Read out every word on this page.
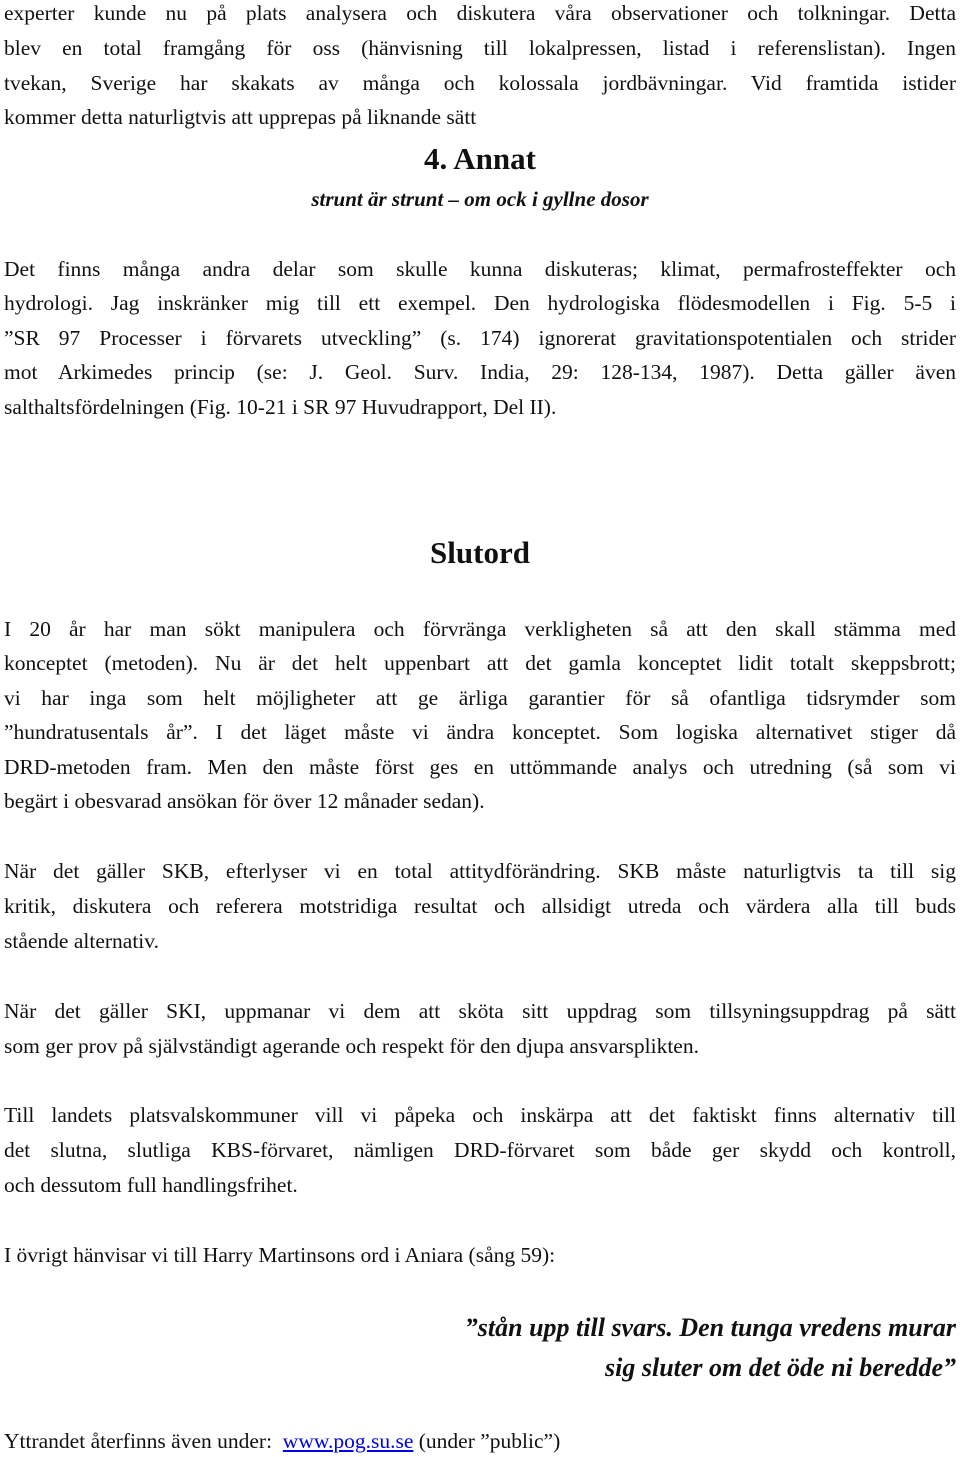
experter kunde nu på plats analysera och diskutera våra observationer och tolkningar. Detta
blev en total framgång för oss (hänvisning till lokalpressen, listad i referenslistan). Ingen
tvekan, Sverige har skakats av många och kolossala jordbävningar. Vid framtida istider
kommer detta naturligtvis att upprepas på liknande sätt
4. Annat
strunt är strunt – om ock i gyllne dosor
Det finns många andra delar som skulle kunna diskuteras; klimat, permafrosteffekter och
hydrologi. Jag inskränker mig till ett exempel. Den hydrologiska flödesmodellen i Fig. 5-5 i
”SR 97 Processer i förvarets utveckling” (s. 174) ignorerat gravitationspotentialen och strider
mot Arkimedes princip (se: J. Geol. Surv. India, 29: 128-134, 1987). Detta gäller även
salthaltsfördelningen (Fig. 10-21 i SR 97 Huvudrapport, Del II).
Slutord
I 20 år har man sökt manipulera och förvränga verkligheten så att den skall stämma med
konceptet (metoden). Nu är det helt uppenbart att det gamla konceptet lidit totalt skeppsbrott;
vi har inga som helt möjligheter att ge ärliga garantier för så ofantliga tidsrymder som
”hundratusentals år”. I det läget måste vi ändra konceptet. Som logiska alternativet stiger då
DRD-metoden fram. Men den måste först ges en uttömmande analys och utredning (så som vi
begärt i obesvarad ansökan för över 12 månader sedan).
När det gäller SKB, efterlyser vi en total attitydförändring. SKB måste naturligtvis ta till sig
kritik, diskutera och referera motstridiga resultat och allsidigt utreda och värdera alla till buds
stående alternativ.
När det gäller SKI, uppmanar vi dem att sköta sitt uppdrag som tillsyningsuppdrag på sätt
som ger prov på självständigt agerande och respekt för den djupa ansvarsplikten.
Till landets platsvalskommuner vill vi påpeka och inskärpa att det faktiskt finns alternativ till
det slutna, slutliga KBS-förvaret, nämligen DRD-förvaret som både ger skydd och kontroll,
och dessutom full handlingsfrihet.
I övrigt hänvisar vi till Harry Martinsons ord i Aniara (sång 59):
”stån upp till svars. Den tunga vredens murar
sig sluter om det öde ni beredde”
Yttrandet återfinns även under:  www.pog.su.se (under ”public”)
